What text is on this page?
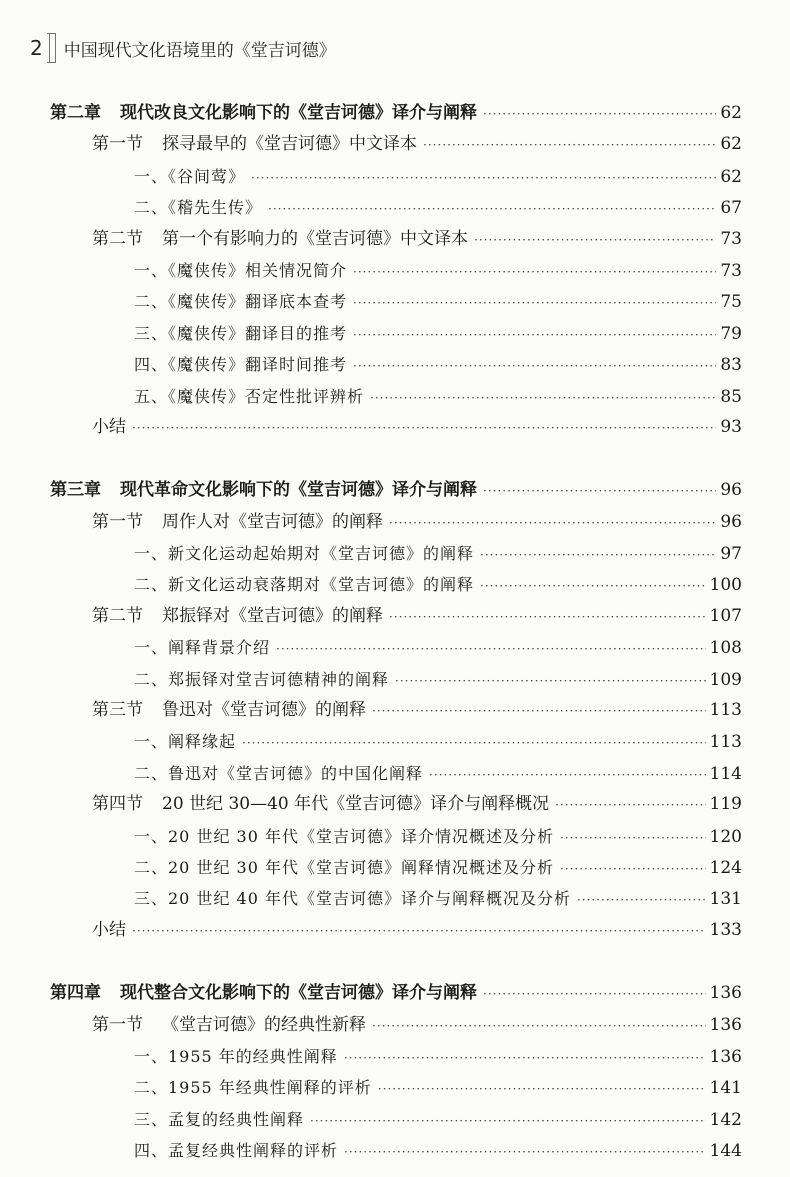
2 中国现代文化语境里的《堂吉诃德》
第二章	现代改良文化影响下的《堂吉诃德》译介与阐释 ·····	62
第一节	探寻最早的《堂吉诃德》中文译本 ·····	62
一、《谷间莺》 ·····	62
二、《稽先生传》 ·····	67
第二节	第一个有影响力的《堂吉诃德》中文译本 ·····	73
一、《魔侠传》相关情况简介 ·····	73
二、《魔侠传》翻译底本查考 ·····	75
三、《魔侠传》翻译目的推考 ·····	79
四、《魔侠传》翻译时间推考 ·····	83
五、《魔侠传》否定性批评辨析 ·····	85
小结 ·····	93
第三章	现代革命文化影响下的《堂吉诃德》译介与阐释 ·····	96
第一节	周作人对《堂吉诃德》的阐释 ·····	96
一、新文化运动起始期对《堂吉诃德》的阐释 ·····	97
二、新文化运动衰落期对《堂吉诃德》的阐释 ·····	100
第二节	郑振铎对《堂吉诃德》的阐释 ·····	107
一、阐释背景介绍 ·····	108
二、郑振铎对堂吉诃德精神的阐释 ·····	109
第三节	鲁迅对《堂吉诃德》的阐释 ·····	113
一、阐释缘起 ·····	113
二、鲁迅对《堂吉诃德》的中国化阐释 ·····	114
第四节	20 世纪 30—40 年代《堂吉诃德》译介与阐释概况 ·····	119
一、20 世纪 30 年代《堂吉诃德》译介情况概述及分析 ·····	120
二、20 世纪 30 年代《堂吉诃德》阐释情况概述及分析 ·····	124
三、20 世纪 40 年代《堂吉诃德》译介与阐释概况及分析 ·····	131
小结 ·····	133
第四章	现代整合文化影响下的《堂吉诃德》译介与阐释 ·····	136
第一节	《堂吉诃德》的经典性新释 ·····	136
一、1955 年的经典性阐释 ·····	136
二、1955 年经典性阐释的评析 ·····	141
三、孟复的经典性阐释 ·····	142
四、孟复经典性阐释的评析 ·····	144
